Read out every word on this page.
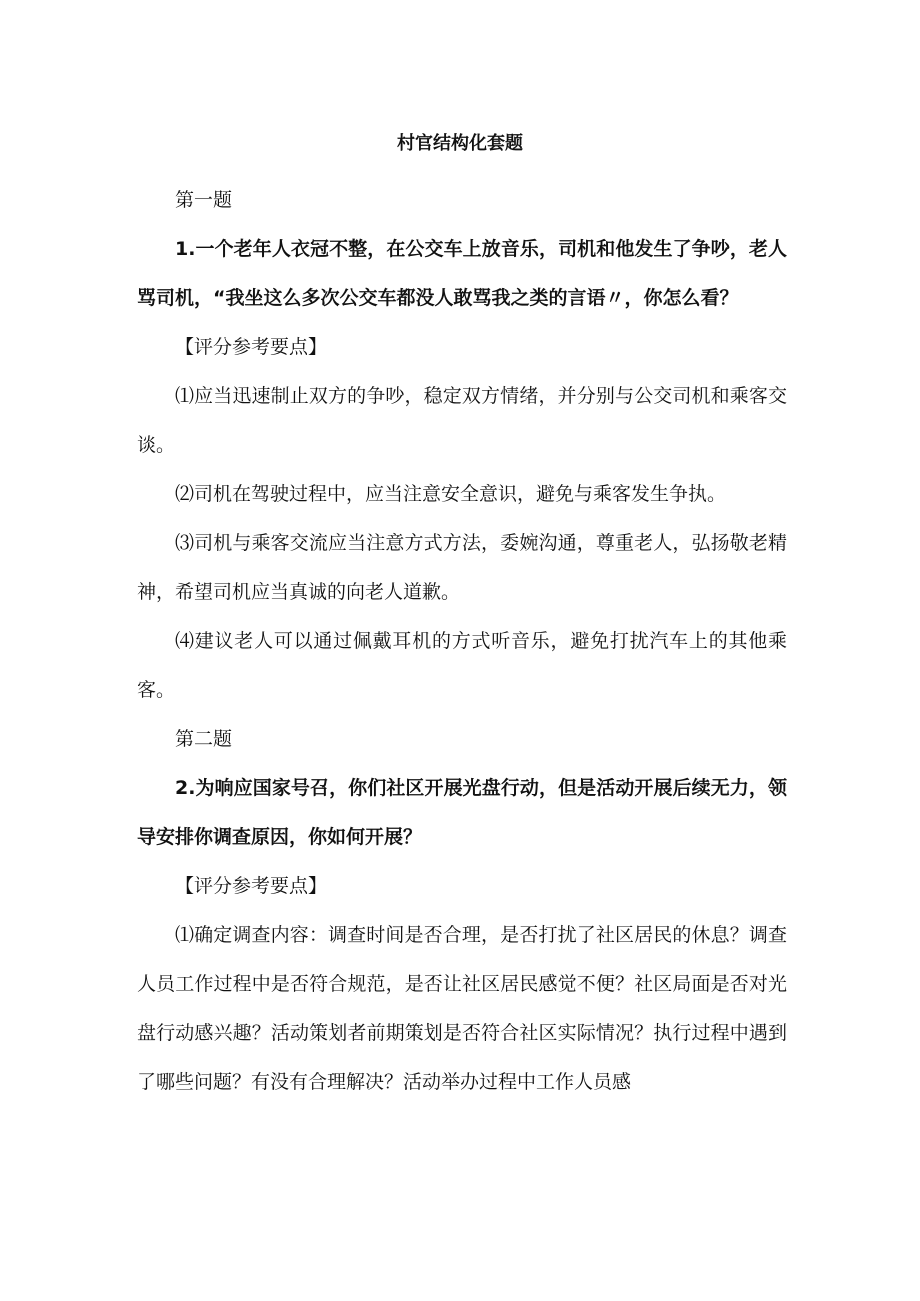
村官结构化套题

第一题

1.一个老年人衣冠不整，在公交车上放音乐，司机和他发生了争吵，老人骂司机，“我坐这么多次公交车都没人敢骂我之类的言语〃，你怎么看？

【评分参考要点】

⑴应当迅速制止双方的争吵，稳定双方情绪，并分别与公交司机和乘客交谈。

⑵司机在驾驶过程中，应当注意安全意识，避免与乘客发生争执。

⑶司机与乘客交流应当注意方式方法，委婉沟通，尊重老人，弘扬敬老精神，希望司机应当真诚的向老人道歉。

⑷建议老人可以通过佩戴耳机的方式听音乐，避免打扰汽车上的其他乘客。

第二题

2.为响应国家号召，你们社区开展光盘行动，但是活动开展后续无力，领导安排你调查原因，你如何开展？

【评分参考要点】

⑴确定调查内容：调查时间是否合理，是否打扰了社区居民的休息？调查人员工作过程中是否符合规范，是否让社区居民感觉不便？社区局面是否对光盘行动感兴趣？活动策划者前期策划是否符合社区实际情况？执行过程中遇到了哪些问题？有没有合理解决？活动举办过程中工作人员感
